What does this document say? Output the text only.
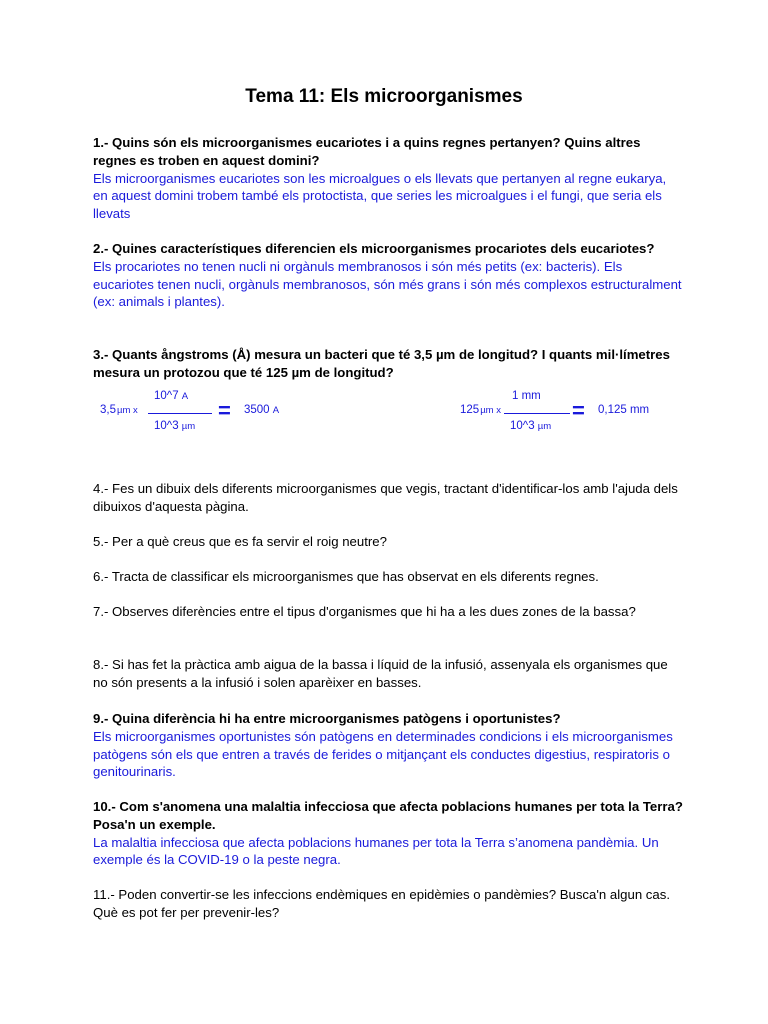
Tema 11: Els microorganismes

1.- Quins són els microorganismes eucariotes i a quins regnes pertanyen? Quins altres regnes es troben en aquest domini?

Els microorganismes eucariotes son les microalgues o els llevats que pertanyen al regne eukarya, en aquest domini trobem també els protoctista, que series les microalgues i el fungi, que seria els llevats

2.- Quines característiques diferencien els microorganismes procariotes dels eucariotes?

Els procariotes no tenen nucli ni orgànuls membranosos i són més petits (ex: bacteris). Els eucariotes tenen nucli, orgànuls membranosos, són més grans i són més complexos estructuralment (ex: animals i plantes).

3.- Quants ångstroms (Å) mesura un bacteri que té 3,5 µm de longitud? I quants mil·límetres mesura un protozou que té 125 µm de longitud?

3,5µm x
10^7 A
10^3 µm
= 3500 A	125µm x
1 mm
10^3 µm
= 0,125 mm

4.- Fes un dibuix dels diferents microorganismes que vegis, tractant d'identificar-los amb l'ajuda dels dibuixos d'aquesta pàgina.

5.- Per a què creus que es fa servir el roig neutre?

6.- Tracta de classificar els microorganismes que has observat en els diferents regnes.

7.- Observes diferències entre el tipus d'organismes que hi ha a les dues zones de la bassa?

8.- Si has fet la pràctica amb aigua de la bassa i líquid de la infusió, assenyala els organismes que no són presents a la infusió i solen aparèixer en basses.

9.- Quina diferència hi ha entre microorganismes patògens i oportunistes?

Els microorganismes oportunistes són patògens en determinades condicions i els microorganismes patògens són els que entren a través de ferides o mitjançant els conductes digestius, respiratoris o genitourinaris.

10.- Com s'anomena una malaltia infecciosa que afecta poblacions humanes per tota la Terra? Posa'n un exemple.

La malaltia infecciosa que afecta poblacions humanes per tota la Terra s’anomena pandèmia. Un exemple és la COVID-19 o la peste negra.

11.- Poden convertir-se les infeccions endèmiques en epidèmies o pandèmies? Busca'n algun cas. Què es pot fer per prevenir-les?
